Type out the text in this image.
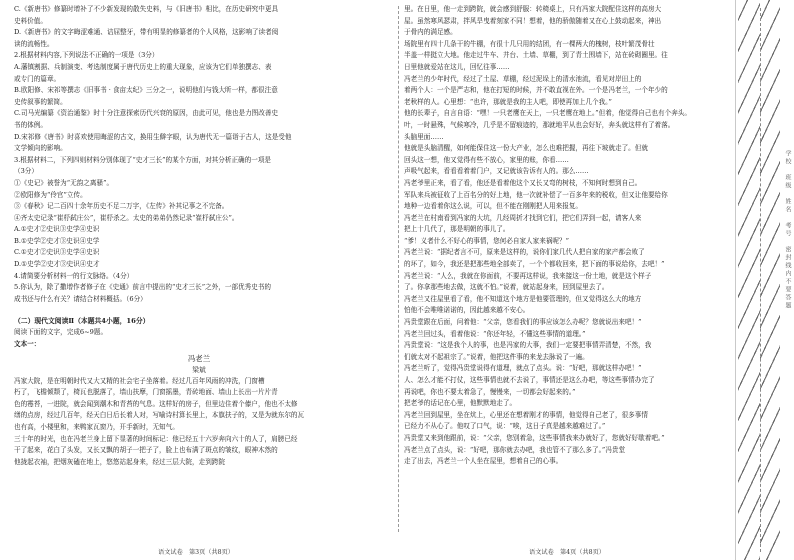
C.《新唐书》修纂时增补了不少新发现的散失史料，与《旧唐书》相比，在历史研究中更具
史料价值。
D.《新唐书》的文字晦涩难通、诘屈整牙，带有明显的修纂者的个人风格，这影响了读者阅
读的流畅性。
2.根据材料内容,下列说法不正确的一项是（3分）
A.藩镇割据、兵制演变、考选制度属于唐代历史上的重大现象，应该为它们单独撰志、表
或专门的篇章。
B.欧阳修、宋祁等撰志《旧事书 · 食亩太纪》三分之一，说明他们与钱大昕一样，都很注意
史传叙事的繁简。
C.司马光编纂《资治通鉴》时十分注意探索历代兴衰的原因，由此可见，他也是力图改善史
书的体例。
D.宋祁修《唐书》时喜欢使用晦涩的古文，换用生僻字眼，认为唐代无一篇诣于古人，这是受他
文学倾向的影响。
3.根据材料二，下列四则材料分别体现了“史才三长”的某个方面，对其分析正确的一项是
（3分）
①《史记》被誉为“无韵之离骚”。
②欧阳修为“伶官”立传。
③《春秋》记二百四十余年历史不足二万字，《左传》补其记事之不完备。
④齐太史记录“崔杼弑庄公”，崔杼杀之。太史的弟弟仍然记录“崔杼弑庄公”。
A.①史才②史识③史学④史识
B.①史学②史才③史识④史学
C.①史才②史识③史学④史识
D.①史学②史才③史识④史才
4.请简要分析材料一的行文脉络。（4分）
5.你认为，除了撒增作者修子在《史通》前言中提出的“史才三长”之外，一部优秀史书的
成书还与什么有关？请结合材料概括。（6分）
（二）现代文阅读Ⅱ（本题共4小题，16分）
阅读下面的文字，完成6~9题。
文本一：
冯老兰
梁斌
冯家大院，是在明朝时代又大又精的社会宅子坐落着。经过几百年风雨的冲洗，门窗槽
朽了，飞檐倾颓了，椅瓦也脱落了，墙山扶摩，门窗摇墨，青砖地面、墙山上长出一片片青
色的霉苔，一进院，就会闻到潮木和青苔的气息。这样好的房子，但里边住着个傣户，他也不太修
缮的点房，经过几百年，经天白日后长着人对，写喻诗村算长里上，本旗扶子的，又是为就东尔的瓦
也有高，小楼里和，来鸭家瓦窗乃，开手新时，无知气。
三十年的时光，也在冯老兰身上留下显著的时间标记：他已经五十六岁奔向六十的人了，肩膀已经
干了起来，花白了头发，又长又飘的胡子一把子了，脸上也布满了斑点的皱纹，眼神木然的
他拢起衣袖，把烟灰磕在地上，悠悠站起身来，经过三层大院，走到跨院
语文试卷　第3页（共8页）
里。在日里，他一走到跨院，就会感到舒服：转椅桌上，只有冯家大院配住这样的高房大
屋。虽然寒风瑟肃，拌风旱曳着刻家不同！想着，他的骄傲随着又在心上鼓动起来，神出
于骨内的满足感。
场院里有四十几条干的牛棚，有很十几只用的结团，有一棵两大的槐树，枝叶繁茂骨壮
半盖一样挺立大地。他走过牛车、井台、土墙、草棚，到了青土围墙下，站在砖砌圈里。往
日里他就爱站在这儿，回忆往事……
冯老兰的少年时代，经过了土屋、草棚，经过泥垛上的清水池流，看见对岸田上的
着两个人：一个是严志和，他在打短的时候，并不敢直视在外。一个是冯老兰，一个年少的
老秋样的人。心里想：“也许，那就是我的主人吧，即使再加上几个我。”
他的长辈子，自言自语：“嘿！一只老鹰在天上，一只老鹰在地上。”但着，他觉得自己也有个奔头。
叶，一时悬殊，气候寒冷，几乎是不留痕迹的，那就地平从也会好好，奔头就这样有了着落。
头脑里面……
他就是头脑清醒，如何能保住这一份大产业，怎么也难把握，再往下坡就走了。但就
回头这一想，他又觉得有些不放心，家里的账，你看……
声吸气起来，看看看着着门户，又记就该告诉有人的。那么……
冯老爷里正来，看了看，他还是看着他这个又长又弯的树枝，不知何时想到自己。
军队来兵被征收了上百名分的好上地，他一次就补偿了一百多年来的税收，但又让他要给你
地种一边看着你这么说，可以，但不能在刚刚把人用来报复。
冯老兰在村南看到冯家的大坑，几经周折才找到它们，把它们弄到一起，请客人来
把上十几代了，那是明朝的事儿了。
“爹！义者什么不好心的事情，您何必自家人家来祸呢？”
冯老兰说：“据纪者言不可，原来是这样的，说你们家几代人把自家的家产都会败了
的坏了，如今，我还是把那些地全部卖了，一个个都收回来，把下面的事说给你，去吧！”
冯老兰说：“人么，我就在你面前，不要再这样说，我来接这一份土地，就是这个样子
了。你拿那些地去做，这就不怕。”说着，就站起身来，回到屋里去了。
冯老兰又往屋里看了看，他不知道这个地方是他要管理的，但又觉得这么大的地方
怕他不会唯唯诺诺的，因此越来越不安心。
冯贵堂跟在后面，问着他：“父亲，您看我们的事应该怎么办呢？您就说出来吧！”
冯老兰回过头，看着他说：“你还年轻，不懂这些事情的道理。”
冯贵堂说：“这是我个人的事，也是冯家的大事，我们一定要把事情弄清楚，不然，我
们就太对不起祖宗了。”说着，他把这件事的来龙去脉说了一遍。
冯老兰听了，觉得冯贵堂说得有道理，就点了点头。说：“好吧，那就这样办吧！”
人、怎么才能不打仗，这些事情也就不去说了，事情还是这么办吧，等这些事情办完了
再说吧，你也不要太着急了，慢慢来，一切都会好起来的。”
把老爷的话记在心里，他默默地走了。
冯老兰回到屋里，坐在炕上，心里还在想着刚才的事情，他觉得自己老了，很多事情
已经力不从心了。他叹了口气，说：“唉，这日子真是越来越难过了。”
冯贵堂又来到他跟前，说：“父亲，您别着急，这些事情我来办就好了，您就好好歇着吧。”
冯老兰点了点头，说：“好吧，那你就去办吧，我也管不了那么多了。”冯贵堂
走了出去，冯老兰一个人坐在屋里，想着自己的心事。
语文试卷　第4页（共8页）
学校　班级　姓名　考号　密封线内不要答题
